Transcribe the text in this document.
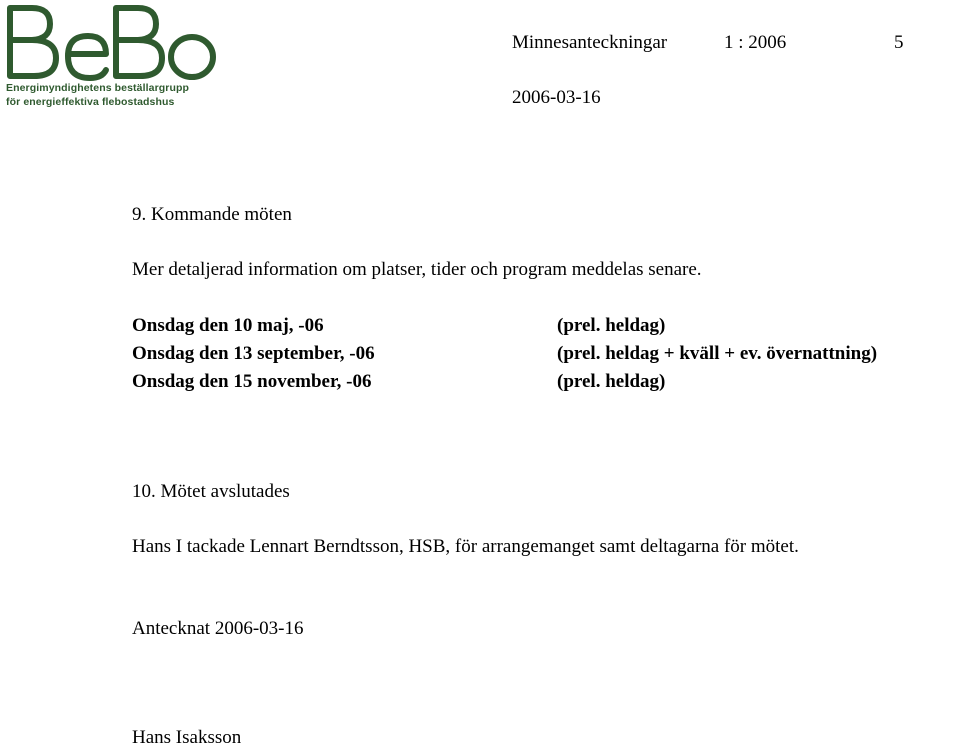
Energimyndighetens beställargrupp
för energieffektiva flebostadshus
Minnesanteckningar	1 : 2006	5
2006-03-16
9. Kommande möten
Mer detaljerad information om platser, tider och program meddelas senare.
Onsdag den 10 maj, -06	(prel. heldag)
Onsdag den 13 september, -06	(prel. heldag + kväll + ev. övernattning)
Onsdag den 15 november, -06	(prel. heldag)
10. Mötet avslutades
Hans I tackade Lennart Berndtsson, HSB, för arrangemanget samt deltagarna för mötet.
Antecknat 2006-03-16
Hans Isaksson
